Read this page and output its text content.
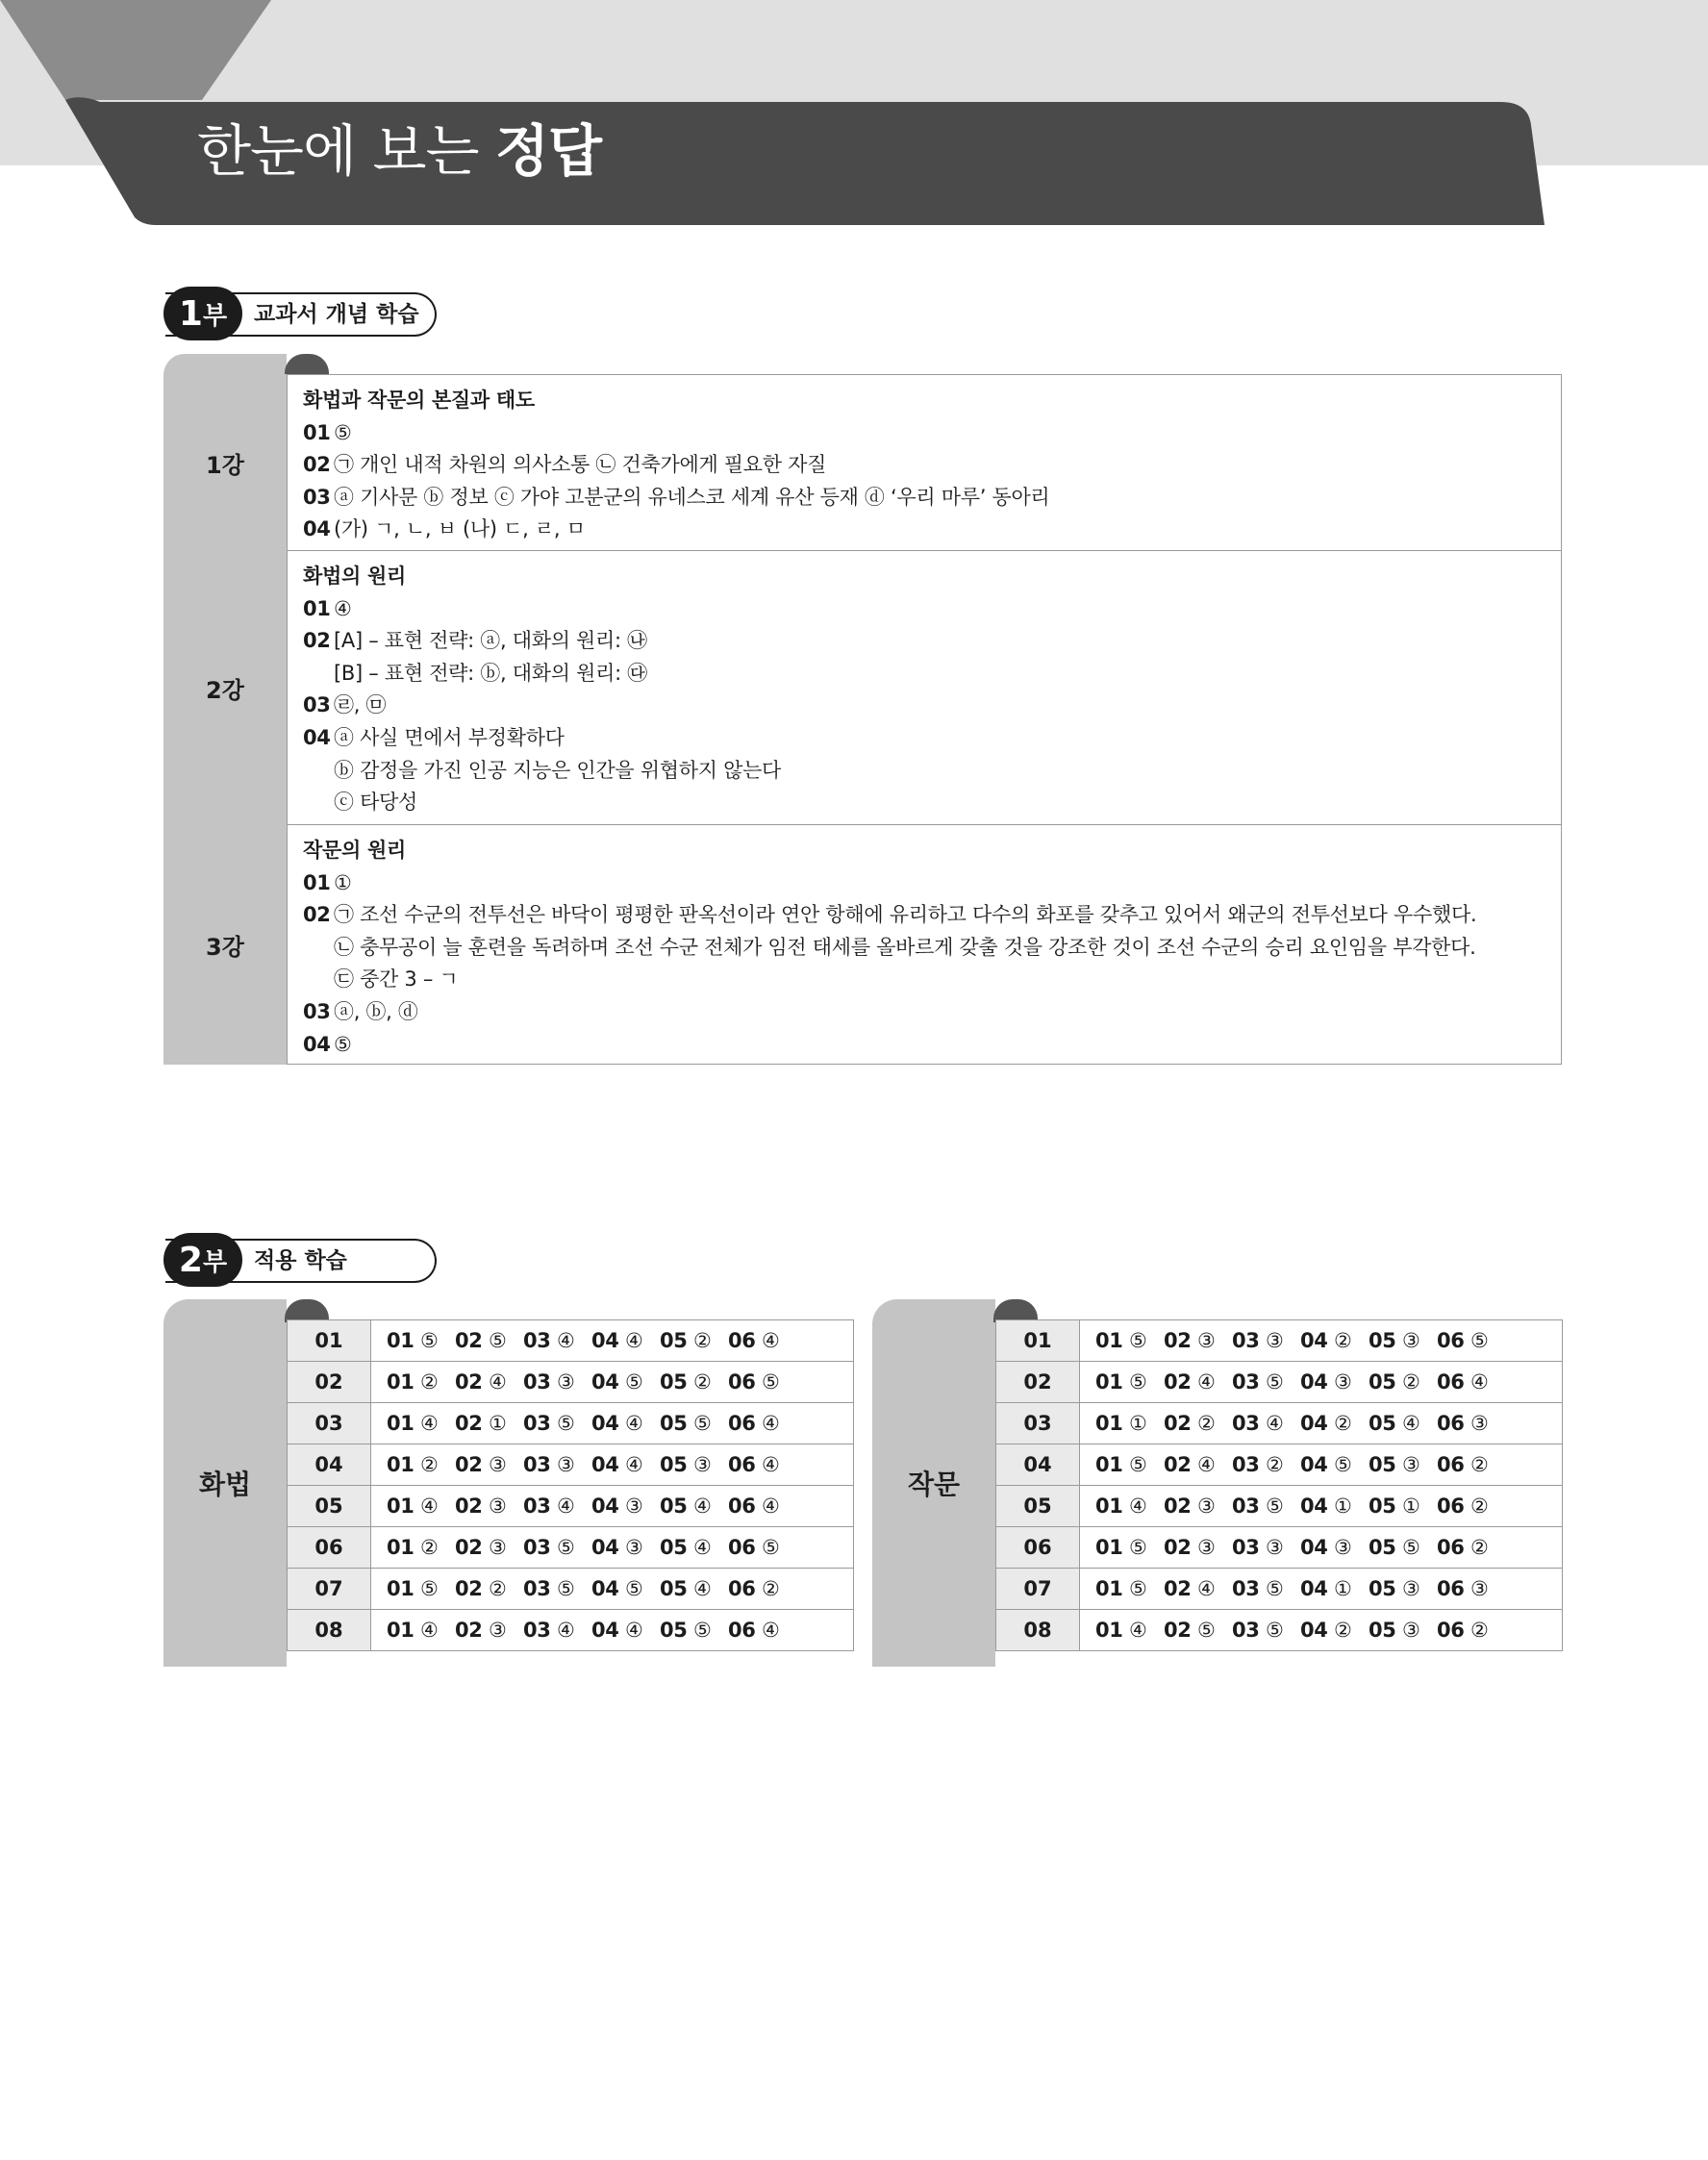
한눈에 보는 정답
1 부 교과서 개념 학습
1강
화법과 작문의 본질과 태도
01 ⑤
02 ㉠ 개인 내적 차원의 의사소통 ㉡ 건축가에게 필요한 자질
03 ⓐ 기사문 ⓑ 정보 ⓒ 가야 고분군의 유네스코 세계 유산 등재 ⓓ ‘우리 마루’ 동아리
04 (가) ㄱ, ㄴ, ㅂ (나) ㄷ, ㄹ, ㅁ
2강
화법의 원리
01 ④
02 [A] – 표현 전략: ⓐ, 대화의 원리: ㉯
[B] – 표현 전략: ⓑ, 대화의 원리: ㉰
03 ㉣, ㉤
04 ⓐ 사실 면에서 부정확하다
ⓑ 감정을 가진 인공 지능은 인간을 위협하지 않는다
ⓒ 타당성
3강
작문의 원리
01 ①
02 ㉠ 조선 수군의 전투선은 바닥이 평평한 판옥선이라 연안 항해에 유리하고 다수의 화포를 갖추고 있어서 왜군의 전투선보다 우수했다.
㉡ 충무공이 늘 훈련을 독려하며 조선 수군 전체가 임전 태세를 올바르게 갖출 것을 강조한 것이 조선 수군의 승리 요인임을 부각한다.
㉢ 중간 3 – ㄱ
03 ⓐ, ⓑ, ⓓ
04 ⑤
2 부 적용 학습
화법
01	01 ⑤ 02 ⑤ 03 ④ 04 ④ 05 ② 06 ④
02	01 ② 02 ④ 03 ③ 04 ⑤ 05 ② 06 ⑤
03	01 ④ 02 ① 03 ⑤ 04 ④ 05 ⑤ 06 ④
04	01 ② 02 ③ 03 ③ 04 ④ 05 ③ 06 ④
05	01 ④ 02 ③ 03 ④ 04 ③ 05 ④ 06 ④
06	01 ② 02 ③ 03 ⑤ 04 ③ 05 ④ 06 ⑤
07	01 ⑤ 02 ② 03 ⑤ 04 ⑤ 05 ④ 06 ②
08	01 ④ 02 ③ 03 ④ 04 ④ 05 ⑤ 06 ④
작문
01	01 ⑤ 02 ③ 03 ③ 04 ② 05 ③ 06 ⑤
02	01 ⑤ 02 ④ 03 ⑤ 04 ③ 05 ② 06 ④
03	01 ① 02 ② 03 ④ 04 ② 05 ④ 06 ③
04	01 ⑤ 02 ④ 03 ② 04 ⑤ 05 ③ 06 ②
05	01 ④ 02 ③ 03 ⑤ 04 ① 05 ① 06 ②
06	01 ⑤ 02 ③ 03 ③ 04 ③ 05 ⑤ 06 ②
07	01 ⑤ 02 ④ 03 ⑤ 04 ① 05 ③ 06 ③
08	01 ④ 02 ⑤ 03 ⑤ 04 ② 05 ③ 06 ②
